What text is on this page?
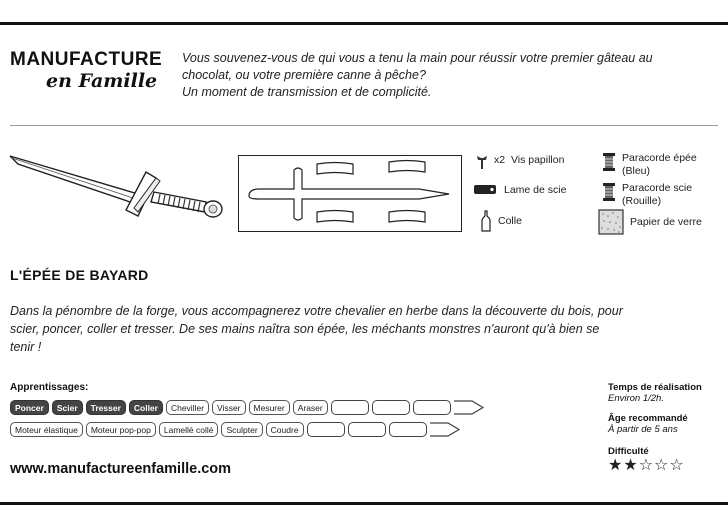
MANUFACTURE
en Famille
Vous souvenez-vous de qui vous a tenu la main pour réussir votre premier gâteau au
chocolat, ou votre première canne à pêche?
Un moment de transmission et de complicité.
x2 Vis papillon
Lame de scie
Colle
Paracorde épée
(Bleu)
Paracorde scie
(Rouille)
Papier de verre
L'ÉPÉE DE BAYARD
Dans la pénombre de la forge, vous accompagnerez votre chevalier en herbe dans la découverte du bois, pour
scier, poncer, coller et tresser. De ses mains naîtra son épée, les méchants monstres n'auront qu'à bien se
tenir !
Apprentissages:
Poncer	Scier	Tresser	Coller	Cheviller	Visser	Mesurer	Araser
Moteur élastique	Moteur pop-pop	Lamellé collé	Sculpter	Coudre
Temps de réalisation
Environ 1/2h.
Âge recommandé
À partir de 5 ans
Difficulté
★ ★ ☆ ☆ ☆
www.manufactureenfamille.com
